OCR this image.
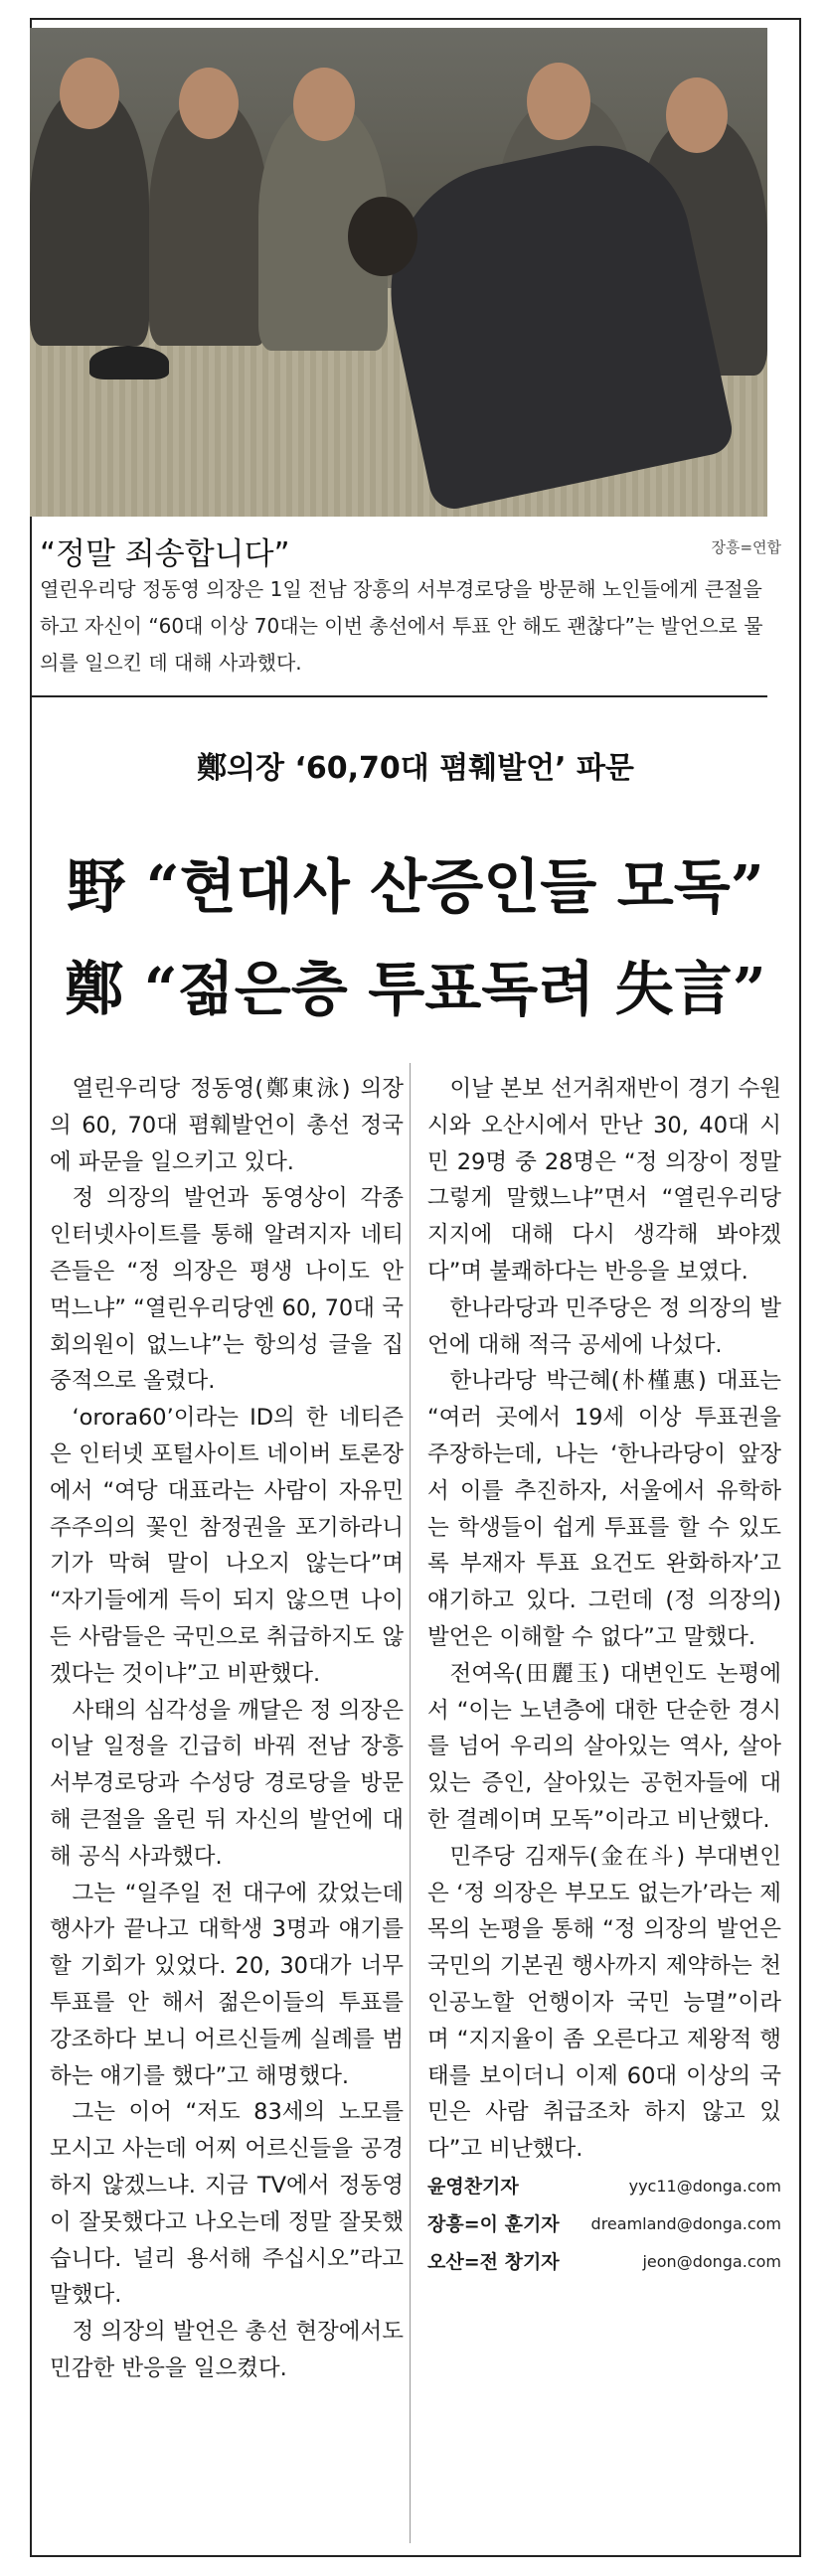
“정말 죄송합니다”	장흥=연합
열린우리당 정동영 의장은 1일 전남 장흥의 서부경로당을 방문해 노인들에게 큰절을 하고 자신이 “60대 이상 70대는 이번 총선에서 투표 안 해도 괜찮다”는 발언으로 물의를 일으킨 데 대해 사과했다.
鄭의장 ‘60,70대 폄훼발언’ 파문
野 “현대사 산증인들 모독”
鄭 “젊은층 투표독려 失言”

열린우리당 정동영(鄭東泳) 의장의 60, 70대 폄훼발언이 총선 정국에 파문을 일으키고 있다.

정 의장의 발언과 동영상이 각종 인터넷사이트를 통해 알려지자 네티즌들은 “정 의장은 평생 나이도 안 먹느냐” “열린우리당엔 60, 70대 국회의원이 없느냐”는 항의성 글을 집중적으로 올렸다.

‘orora60’이라는 ID의 한 네티즌은 인터넷 포털사이트 네이버 토론장에서 “여당 대표라는 사람이 자유민주주의의 꽃인 참정권을 포기하라니 기가 막혀 말이 나오지 않는다”며 “자기들에게 득이 되지 않으면 나이 든 사람들은 국민으로 취급하지도 않겠다는 것이냐”고 비판했다.

사태의 심각성을 깨달은 정 의장은 이날 일정을 긴급히 바꿔 전남 장흥 서부경로당과 수성당 경로당을 방문해 큰절을 올린 뒤 자신의 발언에 대해 공식 사과했다.

그는 “일주일 전 대구에 갔었는데 행사가 끝나고 대학생 3명과 얘기를 할 기회가 있었다. 20, 30대가 너무 투표를 안 해서 젊은이들의 투표를 강조하다 보니 어르신들께 실례를 범하는 얘기를 했다”고 해명했다.

그는 이어 “저도 83세의 노모를 모시고 사는데 어찌 어르신들을 공경하지 않겠느냐. 지금 TV에서 정동영이 잘못했다고 나오는데 정말 잘못했습니다. 널리 용서해 주십시오”라고 말했다.

정 의장의 발언은 총선 현장에서도 민감한 반응을 일으켰다.

이날 본보 선거취재반이 경기 수원시와 오산시에서 만난 30, 40대 시민 29명 중 28명은 “정 의장이 정말 그렇게 말했느냐”면서 “열린우리당 지지에 대해 다시 생각해 봐야겠다”며 불쾌하다는 반응을 보였다.

한나라당과 민주당은 정 의장의 발언에 대해 적극 공세에 나섰다.

한나라당 박근혜(朴槿惠) 대표는 “여러 곳에서 19세 이상 투표권을 주장하는데, 나는 ‘한나라당이 앞장서 이를 추진하자, 서울에서 유학하는 학생들이 쉽게 투표를 할 수 있도록 부재자 투표 요건도 완화하자’고 얘기하고 있다. 그런데 (정 의장의) 발언은 이해할 수 없다”고 말했다.

전여옥(田麗玉) 대변인도 논평에서 “이는 노년층에 대한 단순한 경시를 넘어 우리의 살아있는 역사, 살아있는 증인, 살아있는 공헌자들에 대한 결례이며 모독”이라고 비난했다.

민주당 김재두(金在斗) 부대변인은 ‘정 의장은 부모도 없는가’라는 제목의 논평을 통해 “정 의장의 발언은 국민의 기본권 행사까지 제약하는 천인공노할 언행이자 국민 능멸”이라며 “지지율이 좀 오른다고 제왕적 행태를 보이더니 이제 60대 이상의 국민은 사람 취급조차 하지 않고 있다”고 비난했다.

윤영찬기자	yyc11@donga.com
장흥=이 훈기자 dreamland@donga.com
오산=전 창기자	jeon@donga.com
